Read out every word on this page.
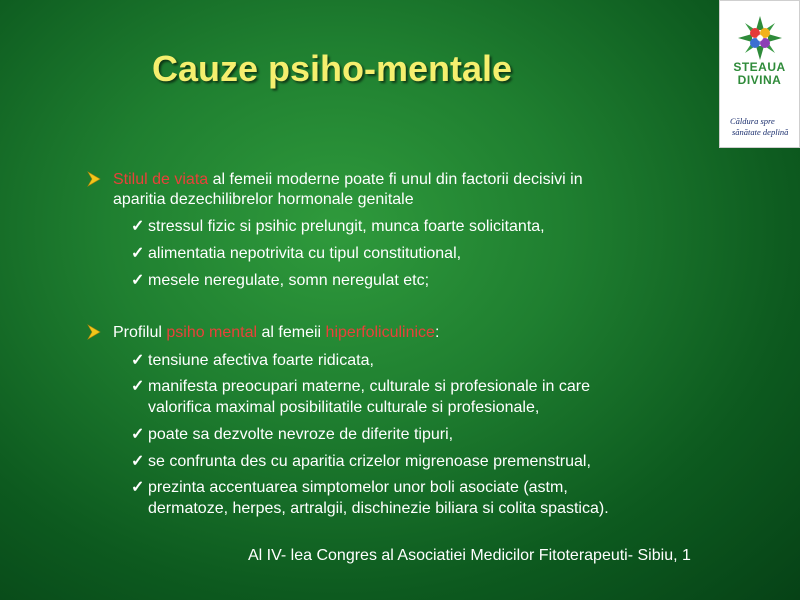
Cauze psiho-mentale	STEAUA
DIVINA
Căldura spre
sănătate deplină
Stilul de viata al femeii moderne poate fi unul din factorii decisivi in
aparitia dezechilibrelor hormonale genitale
✓ stressul fizic si psihic prelungit, munca foarte solicitanta,
✓ alimentatia nepotrivita cu tipul constitutional,
✓ mesele neregulate, somn neregulat etc;
Profilul psiho mental al femeii hiperfoliculinice:
✓ tensiune afectiva foarte ridicata,
✓ manifesta preocupari materne, culturale si profesionale in care
valorifica maximal posibilitatile culturale si profesionale,
✓ poate sa dezvolte nevroze de diferite tipuri,
✓ se confrunta des cu aparitia crizelor migrenoase premenstrual,
✓ prezinta accentuarea simptomelor unor boli asociate (astm,
dermatoze, herpes, artralgii, dischinezie biliara si colita spastica).
Al IV- lea Congres al Asociatiei Medicilor Fitoterapeuti- Sibiu, 1
